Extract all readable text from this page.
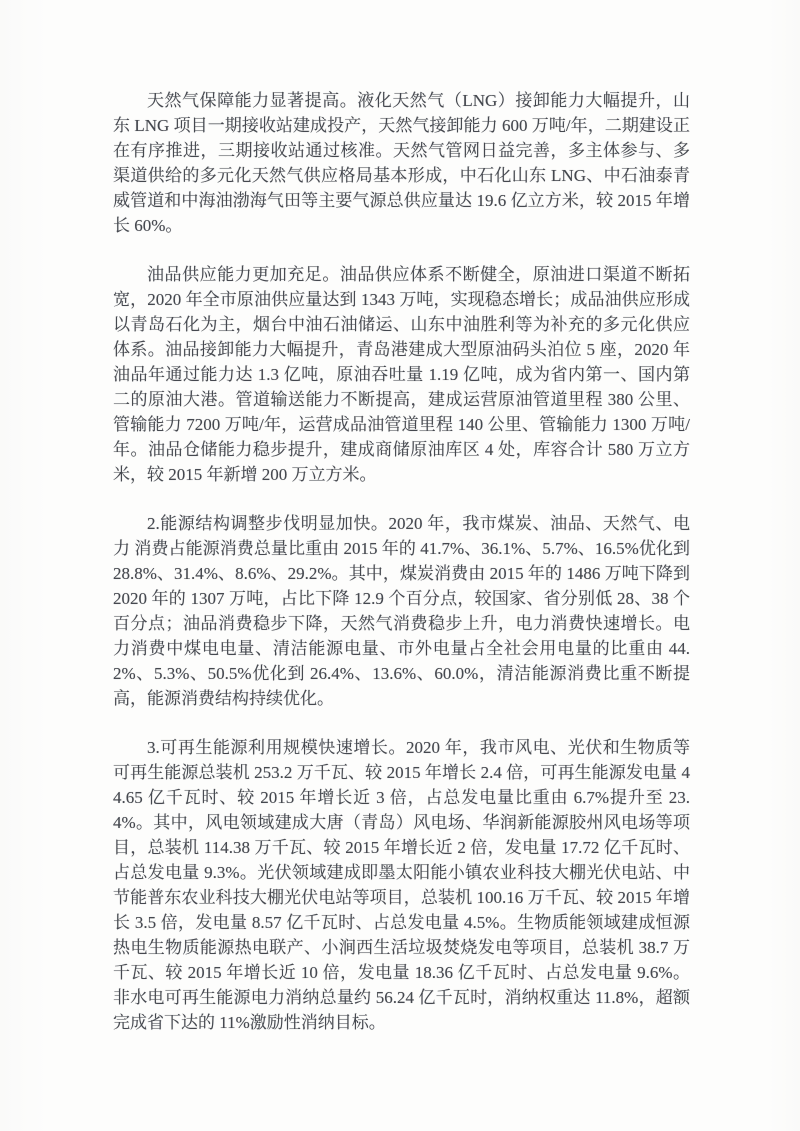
天然气保障能力显著提高。液化天然气（LNG）接卸能力大幅提升，山东 LNG 项目一期接收站建成投产，天然气接卸能力 600 万吨/年，二期建设正在有序推进，三期接收站通过核准。天然气管网日益完善，多主体参与、多渠道供给的多元化天然气供应格局基本形成，中石化山东 LNG、中石油泰青威管道和中海油渤海气田等主要气源总供应量达 19.6 亿立方米，较 2015 年增长 60%。

油品供应能力更加充足。油品供应体系不断健全，原油进口渠道不断拓宽，2020 年全市原油供应量达到 1343 万吨，实现稳态增长；成品油供应形成以青岛石化为主，烟台中油石油储运、山东中油胜利等为补充的多元化供应体系。油品接卸能力大幅提升，青岛港建成大型原油码头泊位 5 座，2020 年油品年通过能力达 1.3 亿吨，原油吞吐量 1.19 亿吨，成为省内第一、国内第二的原油大港。管道输送能力不断提高，建成运营原油管道里程 380 公里、管输能力 7200 万吨/年，运营成品油管道里程 140 公里、管输能力 1300 万吨/年。油品仓储能力稳步提升，建成商储原油库区 4 处，库容合计 580 万立方米，较 2015 年新增 200 万立方米。

2.能源结构调整步伐明显加快。2020 年，我市煤炭、油品、天然气、电力 消费占能源消费总量比重由 2015 年的 41.7%、36.1%、5.7%、16.5%优化到 28.8%、31.4%、8.6%、29.2%。其中，煤炭消费由 2015 年的 1486 万吨下降到 2020 年的 1307 万吨，占比下降 12.9 个百分点，较国家、省分别低 28、38 个百分点；油品消费稳步下降，天然气消费稳步上升，电力消费快速增长。电力消费中煤电电量、清洁能源电量、市外电量占全社会用电量的比重由 44.2%、5.3%、50.5%优化到 26.4%、13.6%、60.0%，清洁能源消费比重不断提高，能源消费结构持续优化。

3.可再生能源利用规模快速增长。2020 年，我市风电、光伏和生物质等可再生能源总装机 253.2 万千瓦、较 2015 年增长 2.4 倍，可再生能源发电量 44.65 亿千瓦时、较 2015 年增长近 3 倍，占总发电量比重由 6.7%提升至 23.4%。其中，风电领域建成大唐（青岛）风电场、华润新能源胶州风电场等项目，总装机 114.38 万千瓦、较 2015 年增长近 2 倍，发电量 17.72 亿千瓦时、占总发电量 9.3%。光伏领域建成即墨太阳能小镇农业科技大棚光伏电站、中节能普东农业科技大棚光伏电站等项目，总装机 100.16 万千瓦、较 2015 年增长 3.5 倍，发电量 8.57 亿千瓦时、占总发电量 4.5%。生物质能领域建成恒源热电生物质能源热电联产、小涧西生活垃圾焚烧发电等项目，总装机 38.7 万千瓦、较 2015 年增长近 10 倍，发电量 18.36 亿千瓦时、占总发电量 9.6%。非水电可再生能源电力消纳总量约 56.24 亿千瓦时，消纳权重达 11.8%，超额完成省下达的 11%激励性消纳目标。
